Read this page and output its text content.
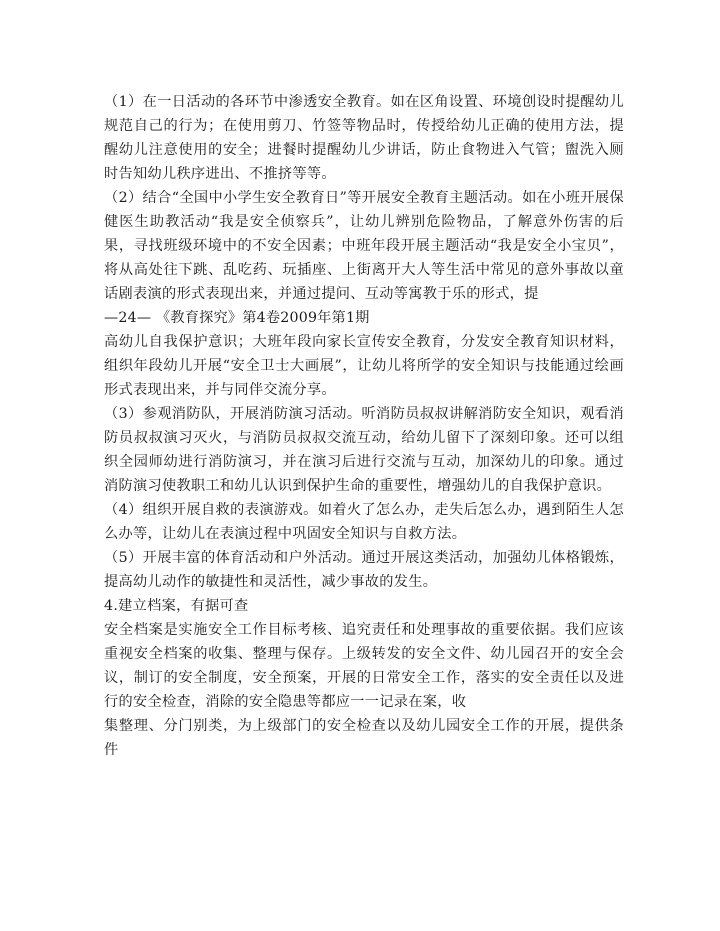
（1）在一日活动的各环节中渗透安全教育。如在区角设置、环境创设时提醒幼儿规范自己的行为；在使用剪刀、竹签等物品时，传授给幼儿正确的使用方法，提醒幼儿注意使用的安全；进餐时提醒幼儿少讲话，防止食物进入气管；盥洗入厕时告知幼儿秩序进出、不推挤等等。

（2）结合“全国中小学生安全教育日”等开展安全教育主题活动。如在小班开展保健医生助教活动“我是安全侦察兵”，让幼儿辨别危险物品，了解意外伤害的后果，寻找班级环境中的不安全因素；中班年段开展主题活动“我是安全小宝贝”，将从高处往下跳、乱吃药、玩插座、上街离开大人等生活中常见的意外事故以童话剧表演的形式表现出来，并通过提问、互动等寓教于乐的形式，提

—24— 《教育探究》第4卷2009年第1期

高幼儿自我保护意识；大班年段向家长宣传安全教育，分发安全教育知识材料，组织年段幼儿开展“安全卫士大画展”，让幼儿将所学的安全知识与技能通过绘画形式表现出来，并与同伴交流分享。

（3）参观消防队，开展消防演习活动。听消防员叔叔讲解消防安全知识，观看消防员叔叔演习灭火，与消防员叔叔交流互动，给幼儿留下了深刻印象。还可以组织全园师幼进行消防演习，并在演习后进行交流与互动，加深幼儿的印象。通过消防演习使教职工和幼儿认识到保护生命的重要性，增强幼儿的自我保护意识。

（4）组织开展自救的表演游戏。如着火了怎么办，走失后怎么办，遇到陌生人怎么办等，让幼儿在表演过程中巩固安全知识与自救方法。

（5）开展丰富的体育活动和户外活动。通过开展这类活动，加强幼儿体格锻炼，提高幼儿动作的敏捷性和灵活性，减少事故的发生。

4.建立档案，有据可查

安全档案是实施安全工作目标考核、追究责任和处理事故的重要依据。我们应该重视安全档案的收集、整理与保存。上级转发的安全文件、幼儿园召开的安全会议，制订的安全制度，安全预案，开展的日常安全工作，落实的安全责任以及进行的安全检查，消除的安全隐患等都应一一记录在案，收

集整理、分门别类，为上级部门的安全检查以及幼儿园安全工作的开展，提供条件
